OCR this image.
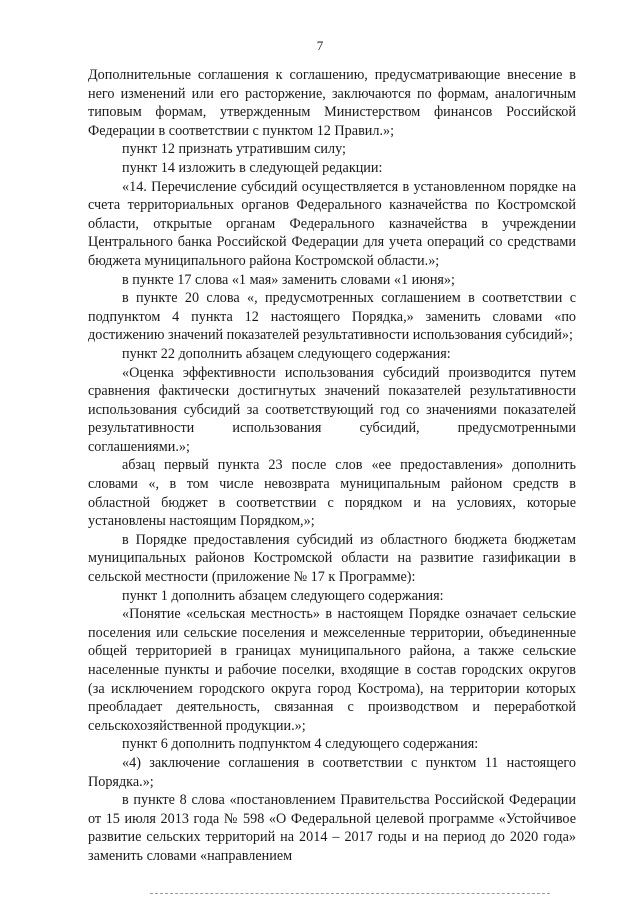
7

Дополнительные соглашения к соглашению, предусматривающие внесение в него изменений или его расторжение, заключаются по формам, аналогичным типовым формам, утвержденным Министерством финансов Российской Федерации в соответствии с пунктом 12 Правил.»;

пункт 12 признать утратившим силу;

пункт 14 изложить в следующей редакции:

«14. Перечисление субсидий осуществляется в установленном порядке на счета территориальных органов Федерального казначейства по Костромской области, открытые органам Федерального казначейства в учреждении Центрального банка Российской Федерации для учета операций со средствами бюджета муниципального района Костромской области.»;

в пункте 17 слова «1 мая» заменить словами «1 июня»;

в пункте 20 слова «, предусмотренных соглашением в соответствии с подпунктом 4 пункта 12 настоящего Порядка,» заменить словами «по достижению значений показателей результативности использования субсидий»;

пункт 22 дополнить абзацем следующего содержания:

«Оценка эффективности использования субсидий производится путем сравнения фактически достигнутых значений показателей результативности использования субсидий за соответствующий год со значениями показателей результативности использования субсидий, предусмотренными соглашениями.»;

абзац первый пункта 23 после слов «ее предоставления» дополнить словами «, в том числе невозврата муниципальным районом средств в областной бюджет в соответствии с порядком и на условиях, которые установлены настоящим Порядком,»;

в Порядке предоставления субсидий из областного бюджета бюджетам муниципальных районов Костромской области на развитие газификации в сельской местности (приложение № 17 к Программе):

пункт 1 дополнить абзацем следующего содержания:

«Понятие «сельская местность» в настоящем Порядке означает сельские поселения или сельские поселения и межселенные территории, объединенные общей территорией в границах муниципального района, а также сельские населенные пункты и рабочие поселки, входящие в состав городских округов (за исключением городского округа город Кострома), на территории которых преобладает деятельность, связанная с производством и переработкой сельскохозяйственной продукции.»;

пункт 6 дополнить подпунктом 4 следующего содержания:

«4) заключение соглашения в соответствии с пунктом 11 настоящего Порядка.»;

в пункте 8 слова «постановлением Правительства Российской Федерации от 15 июля 2013 года № 598 «О Федеральной целевой программе «Устойчивое развитие сельских территорий на 2014 – 2017 годы и на период до 2020 года» заменить словами «направлением
